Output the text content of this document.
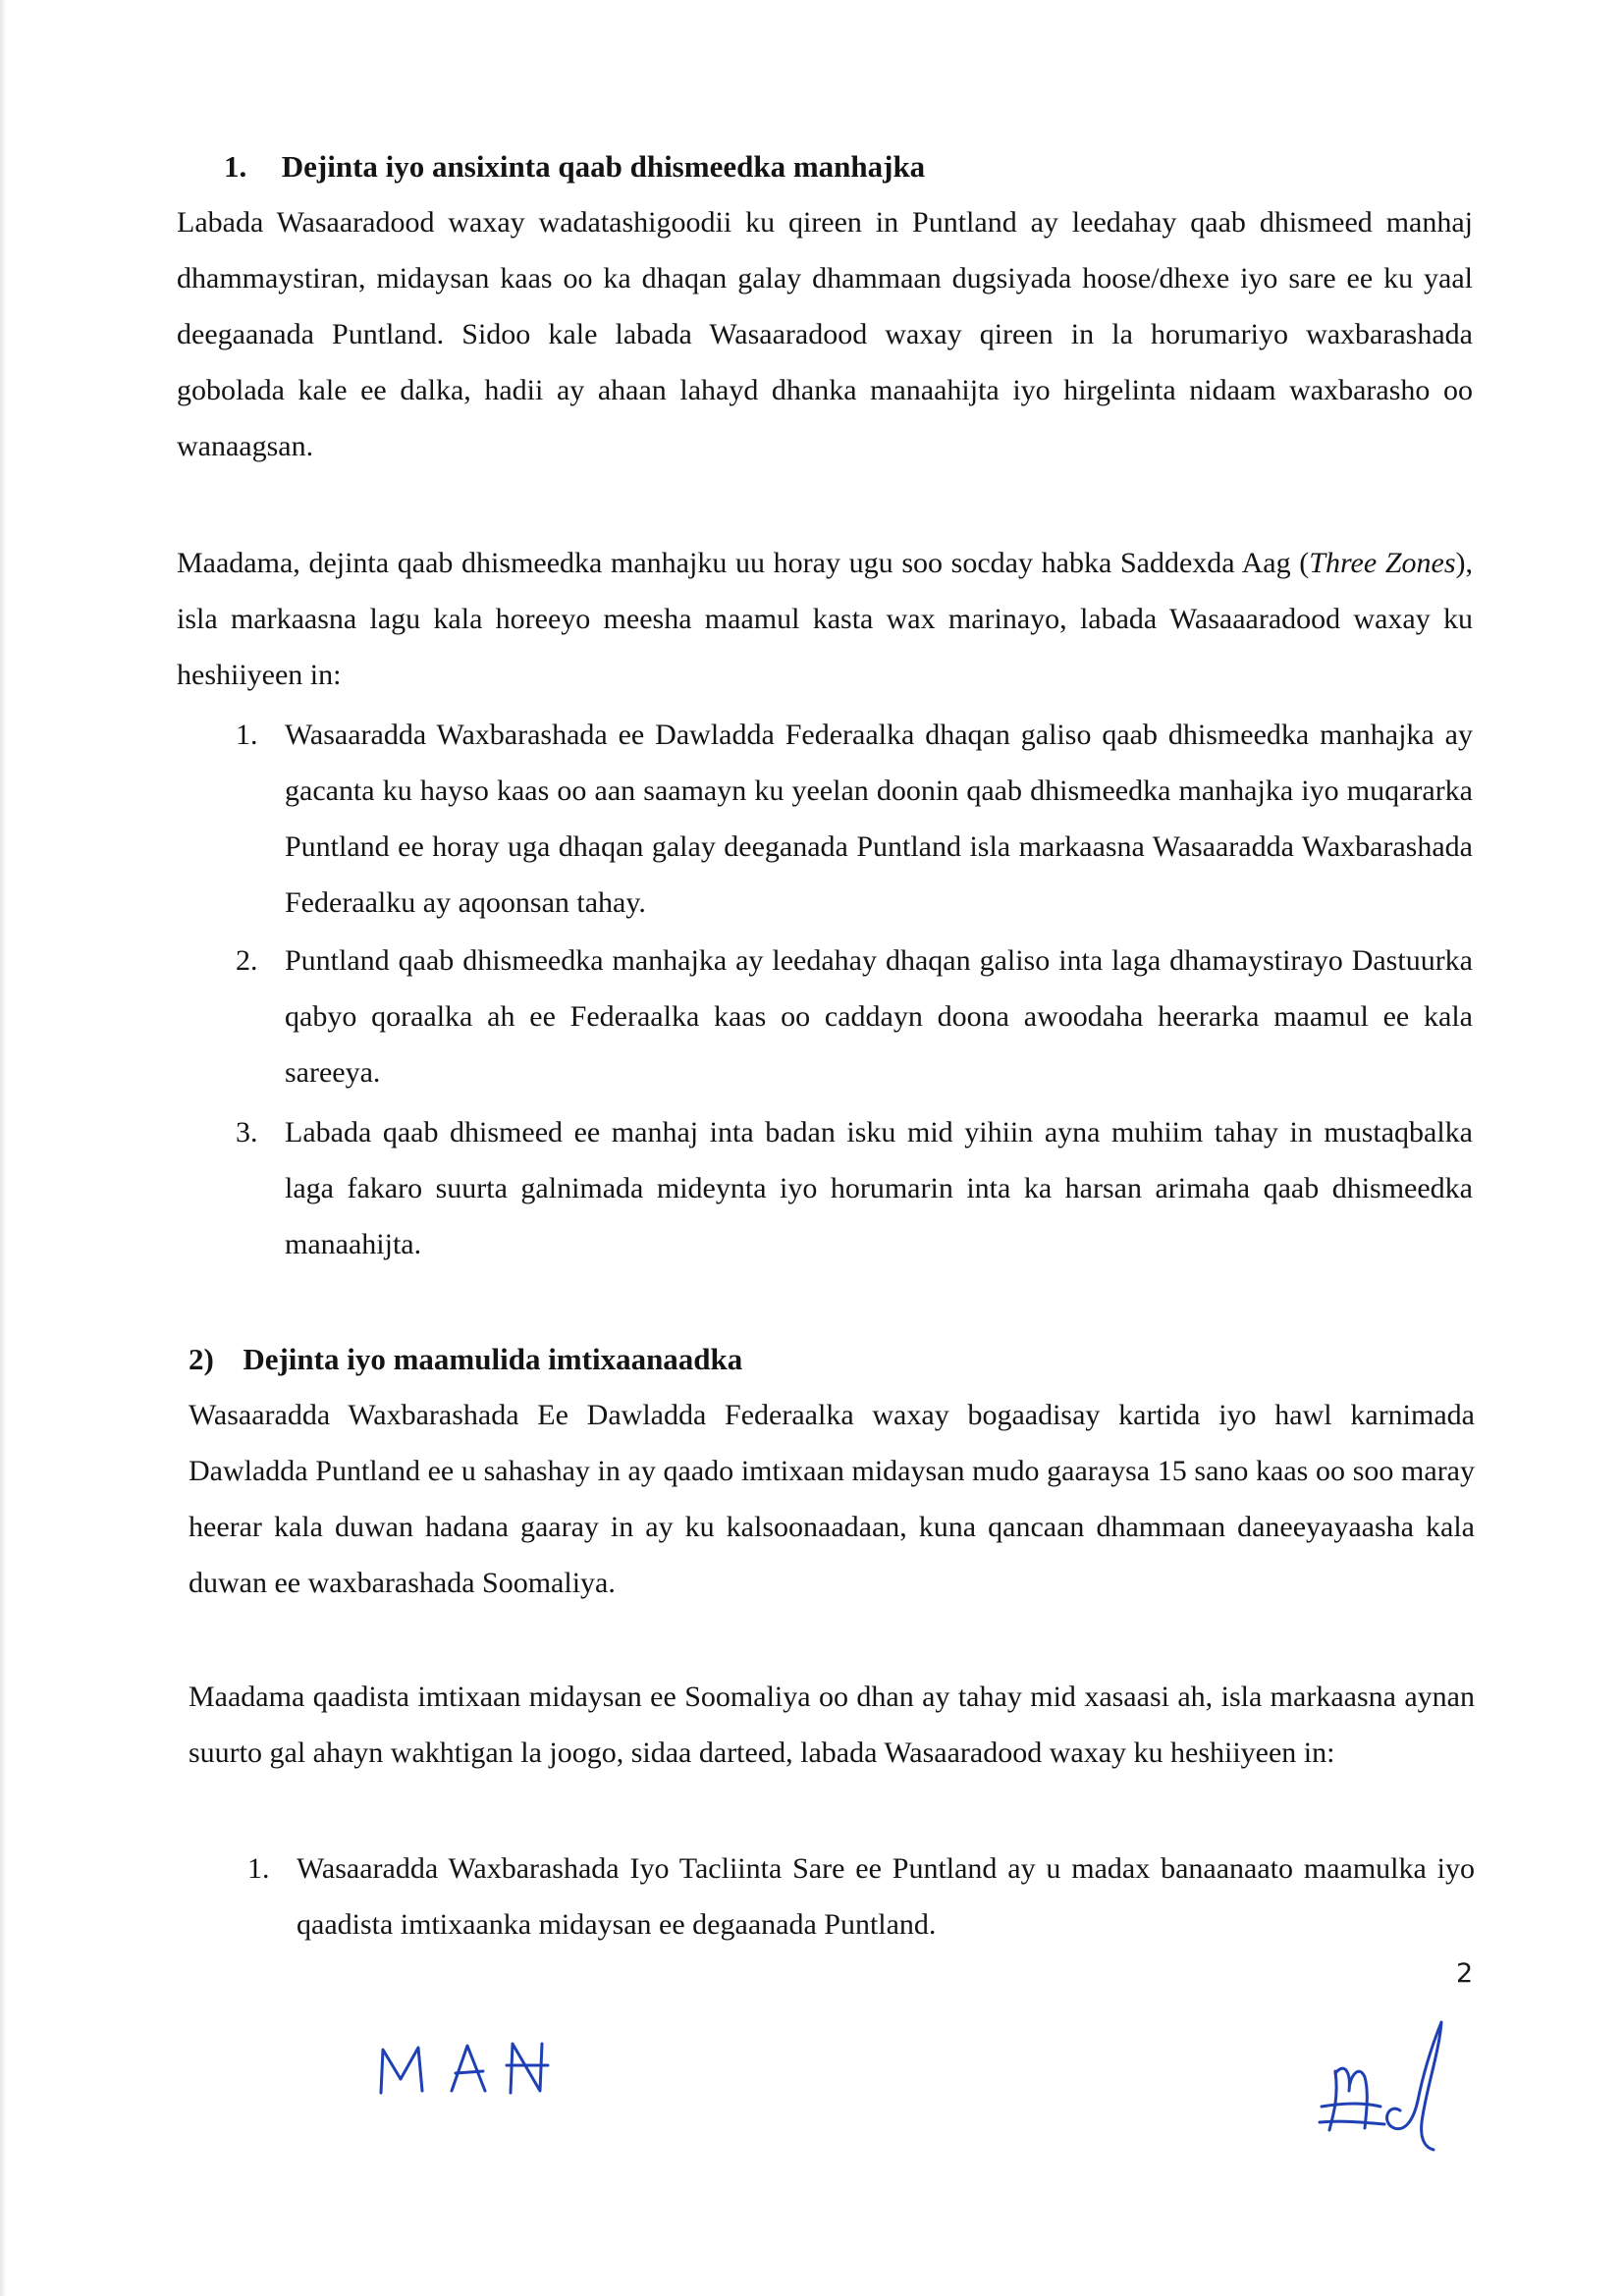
1. Dejinta iyo ansixinta qaab dhismeedka manhajka

Labada Wasaaradood waxay wadatashigoodii ku qireen in Puntland ay leedahay qaab dhismeed manhaj dhammaystiran, midaysan kaas oo ka dhaqan galay dhammaan dugsiyada hoose/dhexe iyo sare ee ku yaal deegaanada Puntland. Sidoo kale labada Wasaaradood waxay qireen in la horumariyo waxbarashada gobolada kale ee dalka, hadii ay ahaan lahayd dhanka manaahijta iyo hirgelinta nidaam waxbarasho oo wanaagsan.

Maadama, dejinta qaab dhismeedka manhajku uu horay ugu soo socday habka Saddexda Aag (Three Zones), isla markaasna lagu kala horeeyo meesha maamul kasta wax marinayo, labada Wasaaaradood waxay ku heshiiyeen in:

1. Wasaaradda Waxbarashada ee Dawladda Federaalka dhaqan galiso qaab dhismeedka manhajka ay gacanta ku hayso kaas oo aan saamayn ku yeelan doonin qaab dhismeedka manhajka iyo muqararka Puntland ee horay uga dhaqan galay deeganada Puntland isla markaasna Wasaaradda Waxbarashada Federaalku ay aqoonsan tahay.
2. Puntland qaab dhismeedka manhajka ay leedahay dhaqan galiso inta laga dhamaystirayo Dastuurka qabyo qoraalka ah ee Federaalka kaas oo caddayn doona awoodaha heerarka maamul ee kala sareeya.
3. Labada qaab dhismeed ee manhaj inta badan isku mid yihiin ayna muhiim tahay in mustaqbalka laga fakaro suurta galnimada mideynta iyo horumarin inta ka harsan arimaha qaab dhismeedka manaahijta.
2) Dejinta iyo maamulida imtixaanaadka

Wasaaradda Waxbarashada Ee Dawladda Federaalka waxay bogaadisay kartida iyo hawl karnimada Dawladda Puntland ee u sahashay in ay qaado imtixaan midaysan mudo gaaraysa 15 sano kaas oo soo maray heerar kala duwan hadana gaaray in ay ku kalsoonaadaan, kuna qancaan dhammaan daneeyayaasha kala duwan ee waxbarashada Soomaliya.

Maadama qaadista imtixaan midaysan ee Soomaliya oo dhan ay tahay mid xasaasi ah, isla markaasna aynan suurto gal ahayn wakhtigan la joogo, sidaa darteed, labada Wasaaradood waxay ku heshiiyeen in:

1. Wasaaradda Waxbarashada Iyo Tacliinta Sare ee Puntland ay u madax banaanaato maamulka iyo qaadista imtixaanka midaysan ee degaanada Puntland.
2
